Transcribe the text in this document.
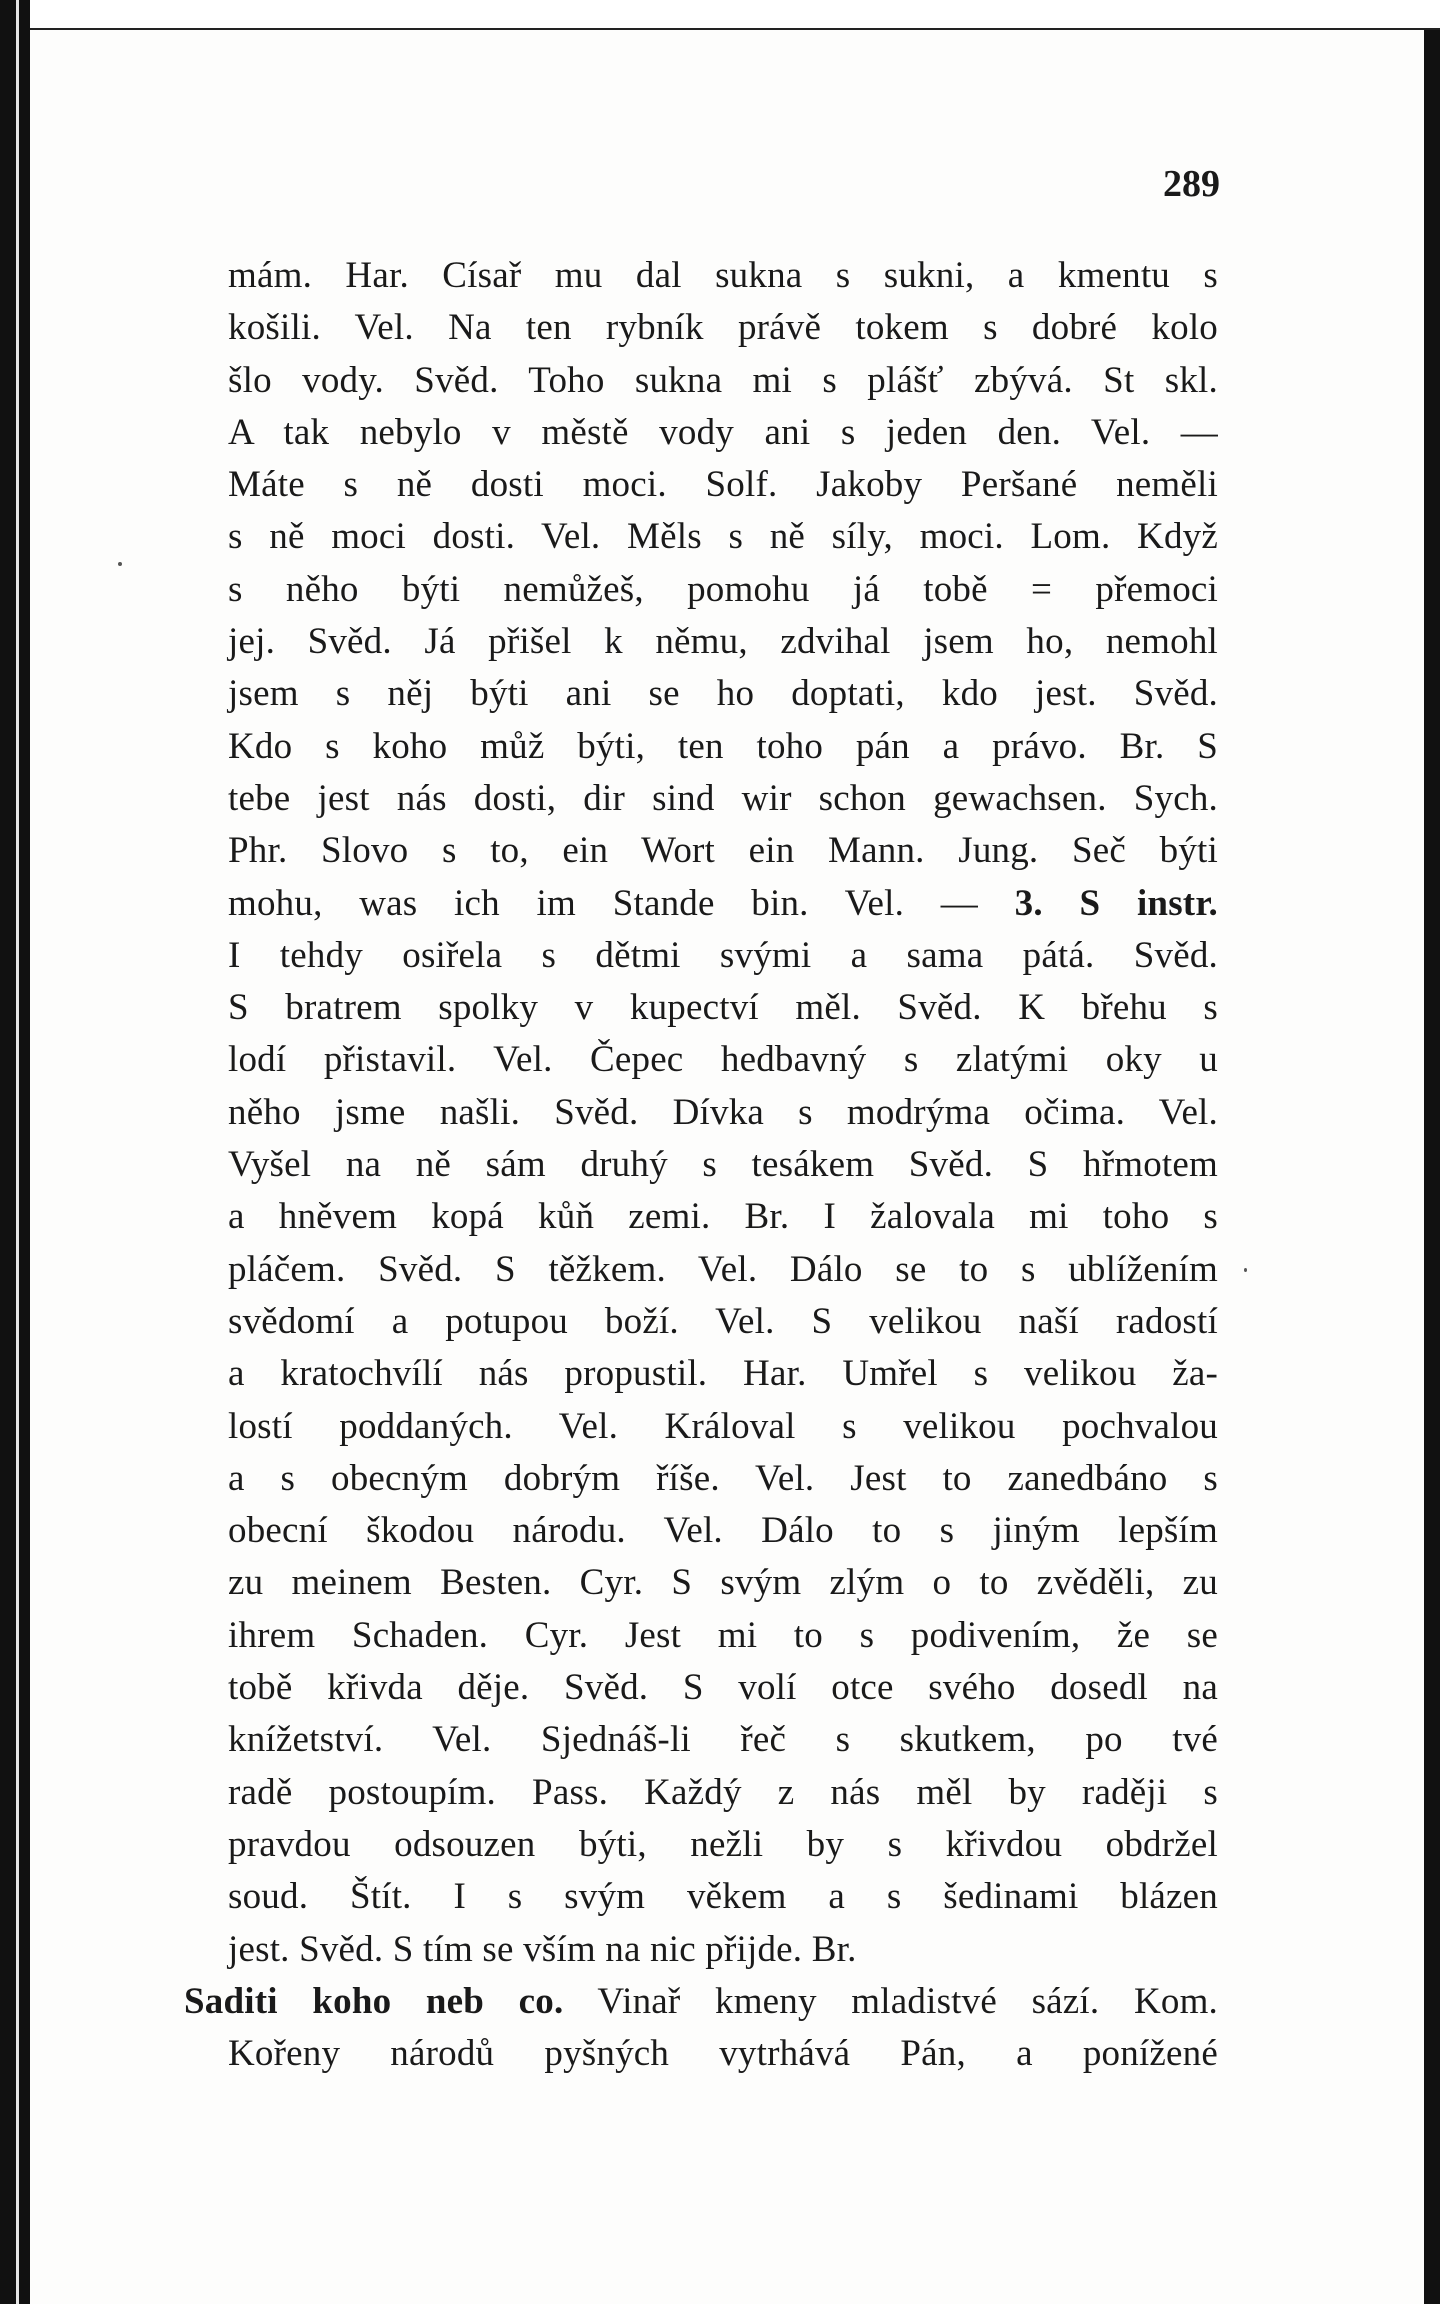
289
mám. Har. Císař mu dal sukna s sukni, a kmentu s
košili. Vel. Na ten rybník právě tokem s dobré kolo
šlo vody. Svěd. Toho sukna mi s plášť zbývá. St skl.
A tak nebylo v městě vody ani s jeden den. Vel. —
Máte s ně dosti moci. Solf. Jakoby Peršané neměli
s ně moci dosti. Vel. Měls s ně síly, moci. Lom. Když
s něho býti nemůžeš, pomohu já tobě = přemoci
jej. Svěd. Já přišel k němu, zdvihal jsem ho, nemohl
jsem s něj býti ani se ho doptati, kdo jest. Svěd.
Kdo s koho můž býti, ten toho pán a právo. Br. S
tebe jest nás dosti, dir sind wir schon gewachsen. Sych.
Phr. Slovo s to, ein Wort ein Mann. Jung. Seč býti
mohu, was ich im Stande bin. Vel. — 3. S instr.
I tehdy osiřela s dětmi svými a sama pátá. Svěd.
S bratrem spolky v kupectví měl. Svěd. K břehu s
lodí přistavil. Vel. Čepec hedbavný s zlatými oky u
něho jsme našli. Svěd. Dívka s modrýma očima. Vel.
Vyšel na ně sám druhý s tesákem Svěd. S hřmotem
a hněvem kopá kůň zemi. Br. I žalovala mi toho s
pláčem. Svěd. S těžkem. Vel. Dálo se to s ublížením
svědomí a potupou boží. Vel. S velikou naší radostí
a kratochvílí nás propustil. Har. Umřel s velikou ža-
lostí poddaných. Vel. Královal s velikou pochvalou
a s obecným dobrým říše. Vel. Jest to zanedbáno s
obecní škodou národu. Vel. Dálo to s jiným lepším
zu meinem Besten. Cyr. S svým zlým o to zvěděli, zu
ihrem Schaden. Cyr. Jest mi to s podivením, že se
tobě křivda děje. Svěd. S volí otce svého dosedl na
knížetství. Vel. Sjednáš-li řeč s skutkem, po tvé
radě postoupím. Pass. Každý z nás měl by raději s
pravdou odsouzen býti, nežli by s křivdou obdržel
soud. Štít. I s svým věkem a s šedinami blázen
jest. Svěd. S tím se vším na nic přijde. Br.
Saditi koho neb co. Vinař kmeny mladistvé sází. Kom.
Kořeny národů pyšných vytrhává Pán, a ponížené
